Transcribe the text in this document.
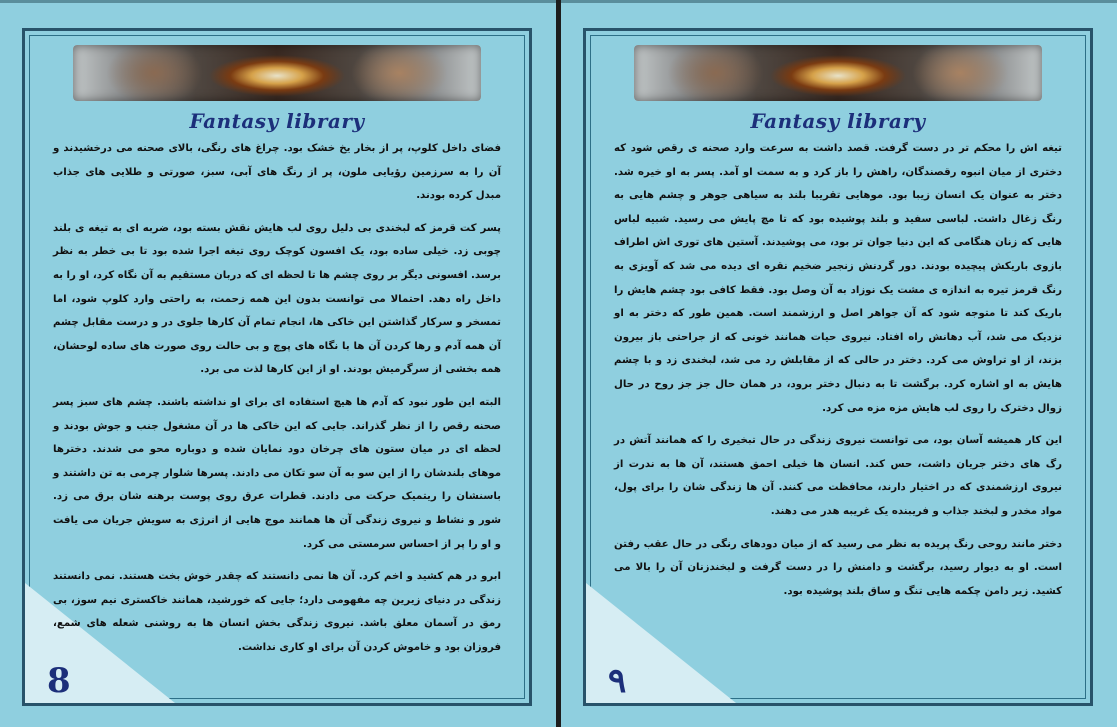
Fantasy library

فضای داخل کلوپ، پر از بخار یخ خشک بود. چراغ های رنگی، بالای صحنه می درخشیدند و آن را به سرزمین رؤیایی ملون، پر از رنگ های آبی، سبز، صورتی و طلایی های جذاب مبدل کرده بودند.

پسر کت قرمز که لبخندی بی دلیل روی لب هایش نقش بسته بود، ضربه ای به تیغه ی بلند چوبی زد. خیلی ساده بود، یک افسون کوچک روی تیغه اجرا شده بود تا بی خطر به نظر برسد. افسونی دیگر بر روی چشم ها تا لحظه ای که دربان مستقیم به آن نگاه کرد، او را به داخل راه دهد. احتمالا می توانست بدون این همه زحمت، به راحتی وارد کلوپ شود، اما تمسخر و سرکار گذاشتن این خاکی ها، انجام تمام آن کارها جلوی در و درست مقابل چشم آن همه آدم و رها کردن آن ها با نگاه های پوچ و بی حالت روی صورت های ساده لوحشان، همه بخشی از سرگرمیش بودند. او از این کارها لذت می برد.

البته این طور نبود که آدم ها هیچ استفاده ای برای او نداشته باشند. چشم های سبز پسر صحنه رقص را از نظر گذراند. جایی که این خاکی ها در آن مشغول جنب و جوش بودند و لحظه ای در میان ستون های چرخان دود نمایان شده و دوباره محو می شدند. دخترها موهای بلندشان را از این سو به آن سو تکان می دادند. پسرها شلوار چرمی به تن داشتند و باسنشان را ریتمیک حرکت می دادند. قطرات عرق روی پوست برهنه شان برق می زد. شور و نشاط و نیروی زندگی آن ها همانند موج هایی از انرژی به سویش جریان می یافت و او را پر از احساس سرمستی می کرد.

ابرو در هم کشید و اخم کرد. آن ها نمی دانستند که چقدر خوش بخت هستند. نمی دانستند زندگی در دنیای زیرین چه مفهومی دارد؛ جایی که خورشید، همانند خاکستری نیم سوز، بی رمق در آسمان معلق باشد. نیروی زندگی بخش انسان ها به روشنی شعله های شمع، فروزان بود و خاموش کردن آن برای او کاری نداشت.

8
Fantasy library

تیغه اش را محکم تر در دست گرفت. قصد داشت به سرعت وارد صحنه ی رقص شود که دختری از میان انبوه رقصندگان، راهش را باز کرد و به سمت او آمد. پسر به او خیره شد. دختر به عنوان یک انسان زیبا بود. موهایی تقریبا بلند به سیاهی جوهر و چشم هایی به رنگ زغال داشت. لباسی سفید و بلند پوشیده بود که تا مچ پایش می رسید. شبیه لباس هایی که زنان هنگامی که این دنیا جوان تر بود، می پوشیدند. آستین های توری اش اطراف بازوی باریکش پیچیده بودند. دور گردنش زنجیر ضخیم نقره ای دیده می شد که آویزی به رنگ قرمز تیره به اندازه ی مشت یک نوزاد به آن وصل بود. فقط کافی بود چشم هایش را باریک کند تا متوجه شود که آن جواهر اصل و ارزشمند است. همین طور که دختر به او نزدیک می شد، آب دهانش راه افتاد. نیروی حیات همانند خونی که از جراحتی باز بیرون بزند، از او تراوش می کرد. دختر در حالی که از مقابلش رد می شد، لبخندی زد و با چشم هایش به او اشاره کرد. برگشت تا به دنبال دختر برود، در همان حال جز جز روح در حال زوال دخترک را روی لب هایش مزه مزه می کرد.

این کار همیشه آسان بود، می توانست نیروی زندگی در حال تبخیری را که همانند آتش در رگ های دختر جریان داشت، حس کند. انسان ها خیلی احمق هستند، آن ها به ندرت از نیروی ارزشمندی که در اختیار دارند، محافظت می کنند. آن ها زندگی شان را برای پول، مواد مخدر و لبخند جذاب و فریبنده یک غریبه هدر می دهند.

دختر مانند روحی رنگ پریده به نظر می رسید که از میان دودهای رنگی در حال عقب رفتن است. او به دیوار رسید، برگشت و دامنش را در دست گرفت و لبخندزنان آن را بالا می کشید. زیر دامن چکمه هایی تنگ و ساق بلند پوشیده بود.

٩
